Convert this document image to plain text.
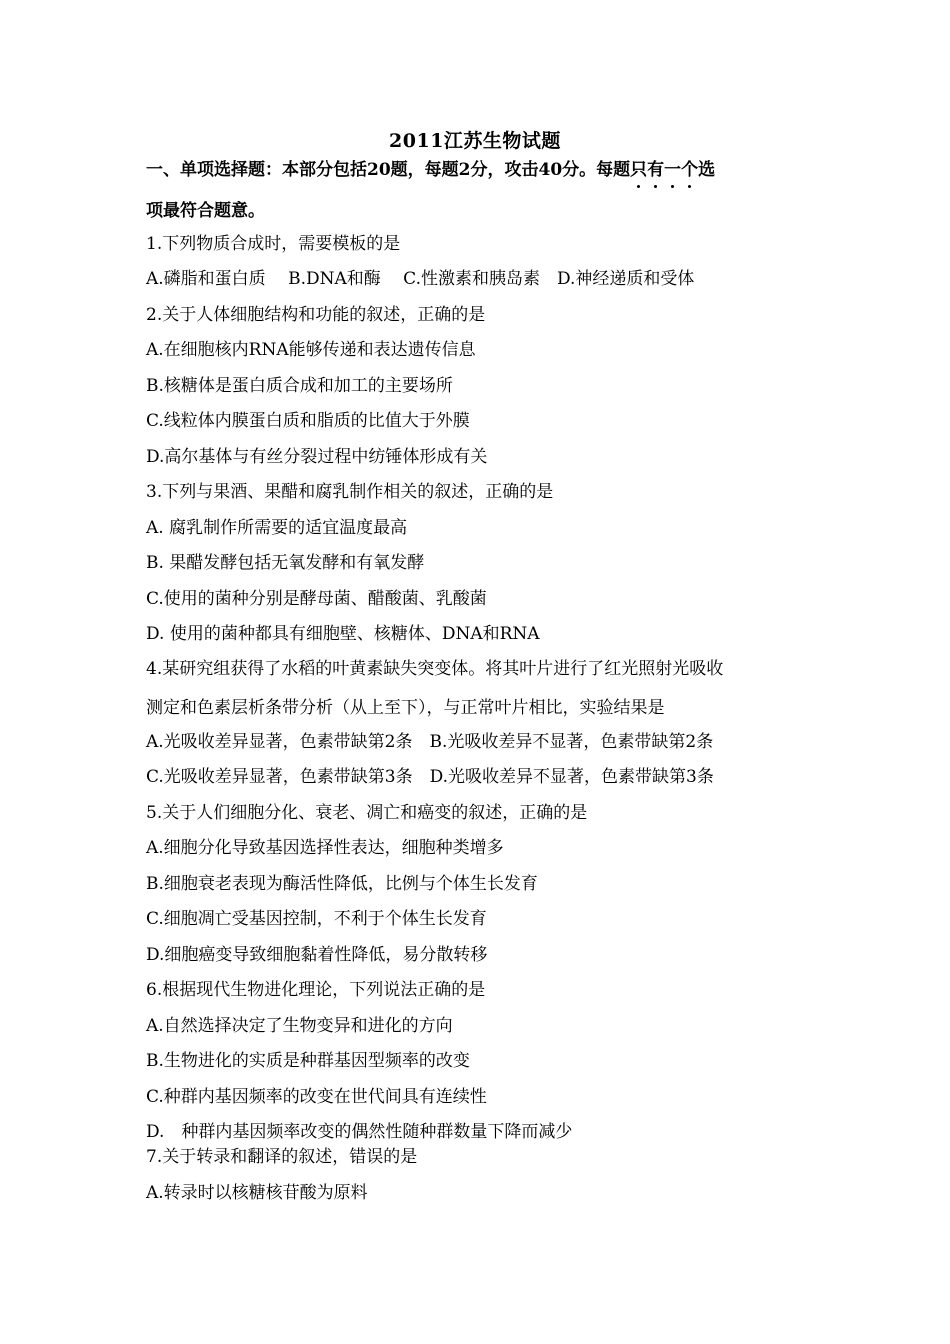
2011江苏生物试题
一、单项选择题：本部分包括20题，每题2分，攻击40分。每题只有一个选
项最符合题意。
1.下列物质合成时，需要模板的是
A.磷脂和蛋白质　 B.DNA和酶　 C.性激素和胰岛素　D.神经递质和受体
2.关于人体细胞结构和功能的叙述，正确的是
A.在细胞核内RNA能够传递和表达遗传信息
B.核糖体是蛋白质合成和加工的主要场所
C.线粒体内膜蛋白质和脂质的比值大于外膜
D.高尔基体与有丝分裂过程中纺锤体形成有关
3.下列与果酒、果醋和腐乳制作相关的叙述，正确的是
A. 腐乳制作所需要的适宜温度最高
B. 果醋发酵包括无氧发酵和有氧发酵
C.使用的菌种分别是酵母菌、醋酸菌、乳酸菌
D. 使用的菌种都具有细胞壁、核糖体、DNA和RNA
4.某研究组获得了水稻的叶黄素缺失突变体。将其叶片进行了红光照射光吸收
测定和色素层析条带分析（从上至下），与正常叶片相比，实验结果是
A.光吸收差异显著，色素带缺第2条　B.光吸收差异不显著，色素带缺第2条
C.光吸收差异显著，色素带缺第3条　D.光吸收差异不显著，色素带缺第3条
5.关于人们细胞分化、衰老、凋亡和癌变的叙述，正确的是
A.细胞分化导致基因选择性表达，细胞种类增多
B.细胞衰老表现为酶活性降低，比例与个体生长发育
C.细胞凋亡受基因控制，不利于个体生长发育
D.细胞癌变导致细胞黏着性降低，易分散转移
6.根据现代生物进化理论，下列说法正确的是
A.自然选择决定了生物变异和进化的方向
B.生物进化的实质是种群基因型频率的改变
C.种群内基因频率的改变在世代间具有连续性
D.　种群内基因频率改变的偶然性随种群数量下降而减少
7.关于转录和翻译的叙述，错误的是
A.转录时以核糖核苷酸为原料
